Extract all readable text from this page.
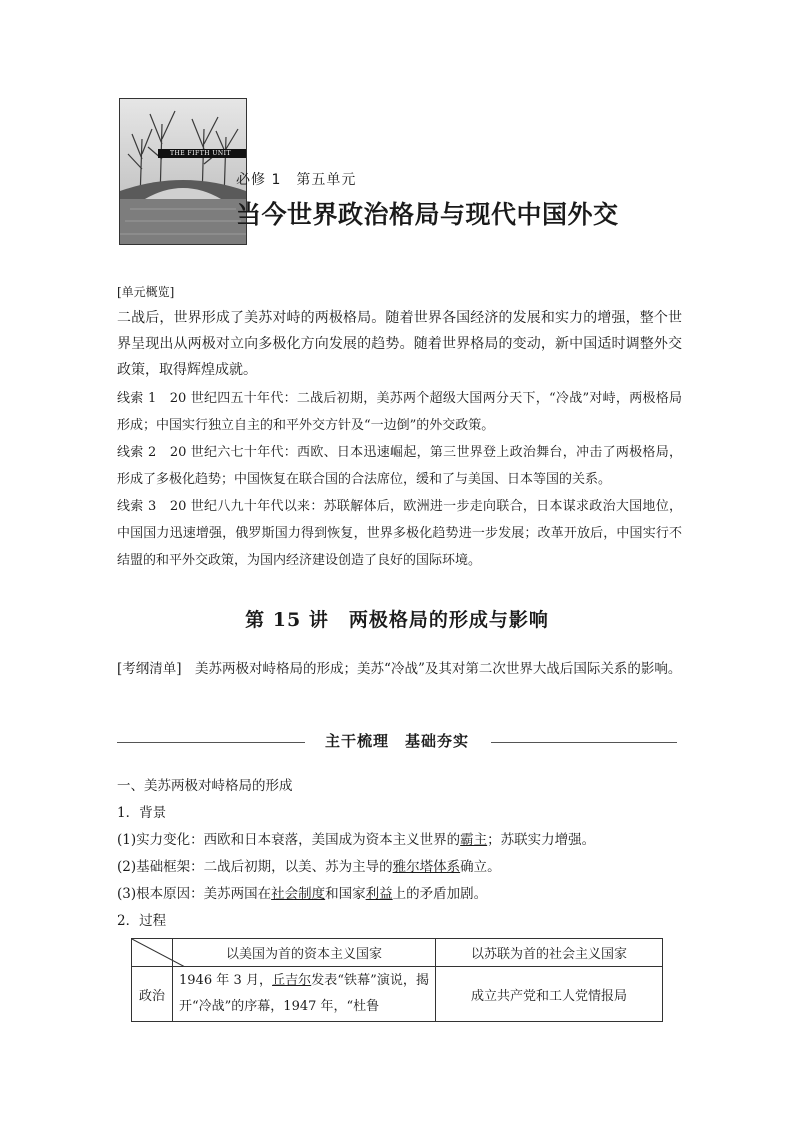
THE FIFTH UNIT
必修 1　第五单元
当今世界政治格局与现代中国外交
[单元概览]
二战后，世界形成了美苏对峙的两极格局。随着世界各国经济的发展和实力的增强，整个世界呈现出从两极对立向多极化方向发展的趋势。随着世界格局的变动，新中国适时调整外交政策，取得辉煌成就。
线索 1　20 世纪四五十年代：二战后初期，美苏两个超级大国两分天下，“冷战”对峙，两极格局形成；中国实行独立自主的和平外交方针及“一边倒”的外交政策。
线索 2　20 世纪六七十年代：西欧、日本迅速崛起，第三世界登上政治舞台，冲击了两极格局，形成了多极化趋势；中国恢复在联合国的合法席位，缓和了与美国、日本等国的关系。
线索 3　20 世纪八九十年代以来：苏联解体后，欧洲进一步走向联合，日本谋求政治大国地位，中国国力迅速增强，俄罗斯国力得到恢复，世界多极化趋势进一步发展；改革开放后，中国实行不结盟的和平外交政策，为国内经济建设创造了良好的国际环境。
第 15 讲　两极格局的形成与影响
[考纲清单]　 美苏两极对峙格局的形成；美苏“冷战”及其对第二次世界大战后国际关系的影响。
主干梳理　基础夯实
一、美苏两极对峙格局的形成
1．背景
(1)实力变化：西欧和日本衰落，美国成为资本主义世界的霸主；苏联实力增强。
(2)基础框架：二战后初期，以美、苏为主导的雅尔塔体系确立。
(3)根本原因：美苏两国在社会制度和国家利益上的矛盾加剧。
2．过程
	以美国为首的资本主义国家	以苏联为首的社会主义国家
政治	1946 年 3 月，丘吉尔发表“铁幕”演说，揭开“冷战”的序幕，1947 年，“杜鲁	成立共产党和工人党情报局
